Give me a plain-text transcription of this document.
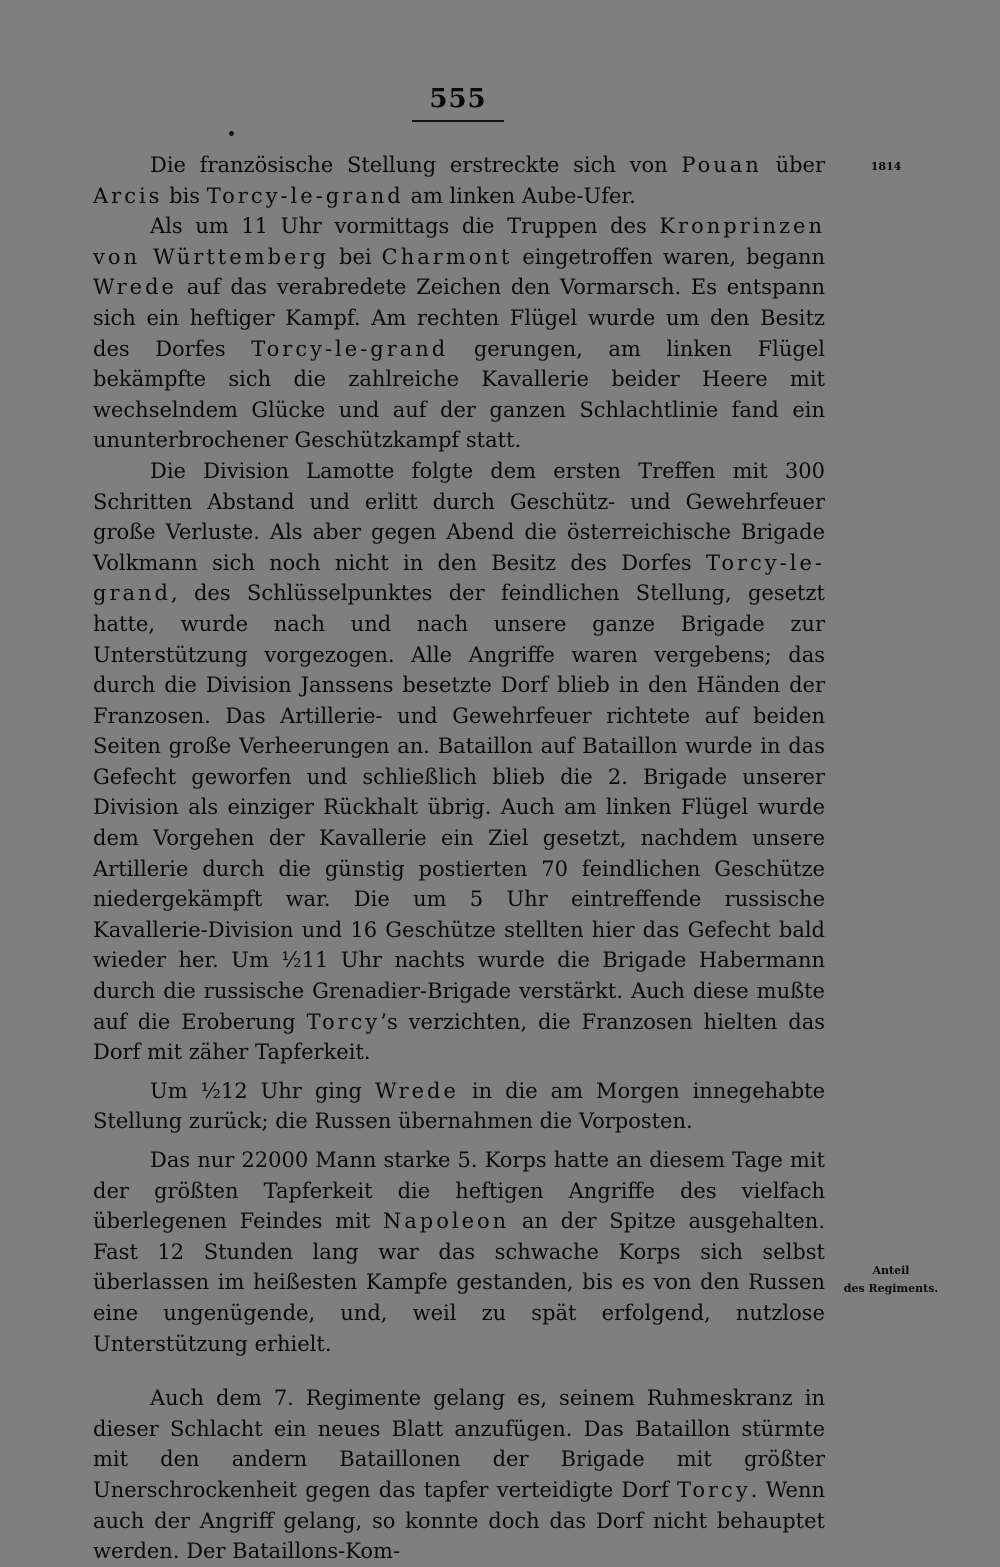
555
1814
Anteil
des Regiments.

Die französische Stellung erstreckte sich von Pouan über Arcis bis Torcy-le-grand am linken Aube-Ufer.

Als um 11 Uhr vormittags die Truppen des Kronprinzen von Württemberg bei Charmont eingetroffen waren, begann Wrede auf das verabredete Zeichen den Vormarsch. Es entspann sich ein heftiger Kampf. Am rechten Flügel wurde um den Besitz des Dorfes Torcy-le-grand gerungen, am linken Flügel bekämpfte sich die zahlreiche Kavallerie beider Heere mit wechselndem Glücke und auf der ganzen Schlachtlinie fand ein ununterbrochener Geschützkampf statt.

Die Division Lamotte folgte dem ersten Treffen mit 300 Schritten Abstand und erlitt durch Geschütz- und Gewehrfeuer große Verluste. Als aber gegen Abend die österreichische Brigade Volkmann sich noch nicht in den Besitz des Dorfes Torcy-le-grand, des Schlüsselpunktes der feindlichen Stellung, gesetzt hatte, wurde nach und nach unsere ganze Brigade zur Unterstützung vorgezogen. Alle Angriffe waren vergebens; das durch die Division Janssens besetzte Dorf blieb in den Händen der Franzosen. Das Artillerie- und Gewehrfeuer richtete auf beiden Seiten große Verheerungen an. Bataillon auf Bataillon wurde in das Gefecht geworfen und schließlich blieb die 2. Brigade unserer Division als einziger Rückhalt übrig. Auch am linken Flügel wurde dem Vorgehen der Kavallerie ein Ziel gesetzt, nachdem unsere Artillerie durch die günstig postierten 70 feindlichen Geschütze niedergekämpft war. Die um 5 Uhr eintreffende russische Kavallerie-Division und 16 Geschütze stellten hier das Gefecht bald wieder her. Um ½11 Uhr nachts wurde die Brigade Habermann durch die russische Grenadier-Brigade verstärkt. Auch diese mußte auf die Eroberung Torcy’s verzichten, die Franzosen hielten das Dorf mit zäher Tapferkeit.

Um ½12 Uhr ging Wrede in die am Morgen innegehabte Stellung zurück; die Russen übernahmen die Vorposten.

Das nur 22000 Mann starke 5. Korps hatte an diesem Tage mit der größten Tapferkeit die heftigen Angriffe des vielfach überlegenen Feindes mit Napoleon an der Spitze ausgehalten. Fast 12 Stunden lang war das schwache Korps sich selbst überlassen im heißesten Kampfe gestanden, bis es von den Russen eine ungenügende, und, weil zu spät erfolgend, nutzlose Unterstützung erhielt.

Auch dem 7. Regimente gelang es, seinem Ruhmeskranz in dieser Schlacht ein neues Blatt anzufügen. Das Bataillon stürmte mit den andern Bataillonen der Brigade mit größter Unerschrockenheit gegen das tapfer verteidigte Dorf Torcy. Wenn auch der Angriff gelang, so konnte doch das Dorf nicht behauptet werden. Der Bataillons-Kom-
